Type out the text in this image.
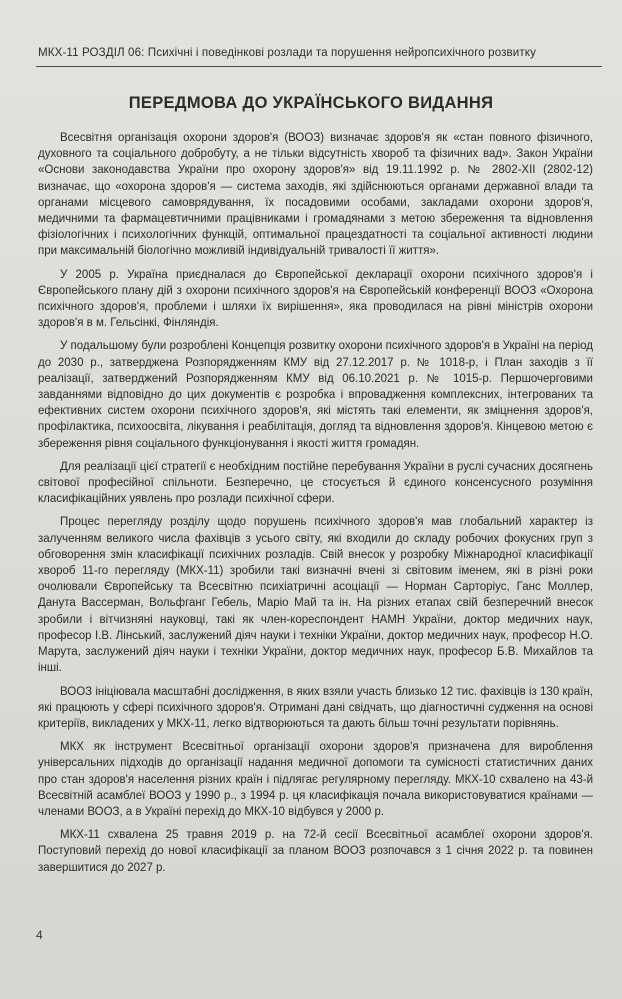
МКХ-11 РОЗДІЛ 06: Психічні і поведінкові розлади та порушення нейропсихічного розвитку
ПЕРЕДМОВА ДО УКРАЇНСЬКОГО ВИДАННЯ

Всесвітня організація охорони здоров'я (ВООЗ) визначає здоров'я як «стан повного фізичного, духовного та соціального добробуту, а не тільки відсутність хвороб та фізичних вад». Закон України «Основи законодавства України про охорону здоров'я» від 19.11.1992 р. № 2802-XII (2802-12) визначає, що «охорона здоров'я — система заходів, які здійснюються органами державної влади та органами місцевого самоврядування, їх посадовими особами, закладами охорони здоров'я, медичними та фармацевтичними працівниками і громадянами з метою збереження та відновлення фізіологічних і психологічних функцій, оптимальної працездатності та соціальної активності людини при максимальній біологічно можливій індивідуальній тривалості її життя».

У 2005 р. Україна приєдналася до Європейської декларації охорони психічного здоров'я і Європейського плану дій з охорони психічного здоров'я на Європейській конференції ВООЗ «Охорона психічного здоров'я, проблеми і шляхи їх вирішення», яка проводилася на рівні міністрів охорони здоров'я в м. Гельсінкі, Фінляндія.

У подальшому були розроблені Концепція розвитку охорони психічного здоров'я в Україні на період до 2030 р., затверджена Розпорядженням КМУ від 27.12.2017 р. № 1018-р, і План заходів з її реалізації, затверджений Розпорядженням КМУ від 06.10.2021 р. № 1015-р. Першочерговими завданнями відповідно до цих документів є розробка і впровадження комплексних, інтегрованих та ефективних систем охорони психічного здоров'я, які містять такі елементи, як зміцнення здоров'я, профілактика, психоосвіта, лікування і реабілітація, догляд та відновлення здоров'я. Кінцевою метою є збереження рівня соціального функціонування і якості життя громадян.

Для реалізації цієї стратегії є необхідним постійне перебування України в руслі сучасних досягнень світової професійної спільноти. Безперечно, це стосується й єдиного консенсусного розуміння класифікаційних уявлень про розлади психічної сфери.

Процес перегляду розділу щодо порушень психічного здоров'я мав глобальний характер із залученням великого числа фахівців з усього світу, які входили до складу робочих фокусних груп з обговорення змін класифікації психічних розладів. Свій внесок у розробку Міжнародної класифікації хвороб 11-го перегляду (МКХ-11) зробили такі визначні вчені зі світовим іменем, які в різні роки очолювали Європейську та Всесвітню психіатричні асоціації — Норман Сарторіус, Ганс Моллер, Данута Вассерман, Вольфганг Гебель, Маріо Май та ін. На різних етапах свій безперечний внесок зробили і вітчизняні науковці, такі як член-кореспондент НАМН України, доктор медичних наук, професор І.В. Лінський, заслужений діяч науки і техніки України, доктор медичних наук, професор Н.О. Марута, заслужений діяч науки і техніки України, доктор медичних наук, професор Б.В. Михайлов та інші.

ВООЗ ініціювала масштабні дослідження, в яких взяли участь близько 12 тис. фахівців із 130 країн, які працюють у сфері психічного здоров'я. Отримані дані свідчать, що діагностичні судження на основі критеріїв, викладених у МКХ-11, легко відтворюються та дають більш точні результати порівнянь.

МКХ як інструмент Всесвітньої організації охорони здоров'я призначена для вироблення універсальних підходів до організації надання медичної допомоги та сумісності статистичних даних про стан здоров'я населення різних країн і підлягає регулярному перегляду. МКХ-10 схвалено на 43-й Всесвітній асамблеї ВООЗ у 1990 р., з 1994 р. ця класифікація почала використовуватися країнами — членами ВООЗ, а в Україні перехід до МКХ-10 відбувся у 2000 р.

МКХ-11 схвалена 25 травня 2019 р. на 72-й сесії Всесвітньої асамблеї охорони здоров'я. Поступовий перехід до нової класифікації за планом ВООЗ розпочався з 1 січня 2022 р. та повинен завершитися до 2027 р.

4
